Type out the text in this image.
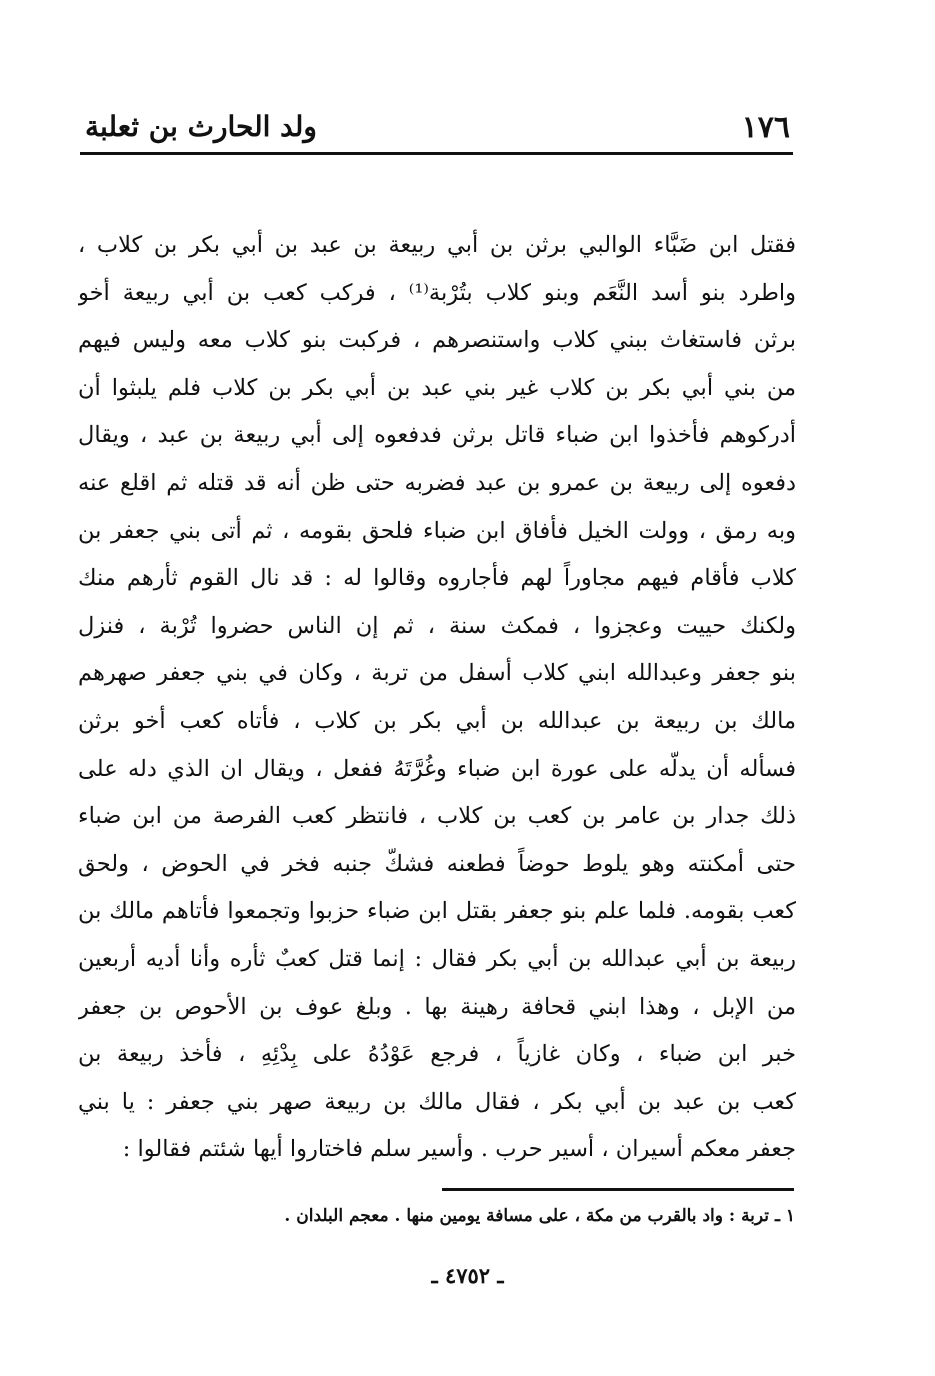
١٧٦
ولد الحارث بن ثعلبة
فقتل ابن ضَبَّاء الوالبي برثن بن أبي ربيعة بن عبد بن أبي بكر بن كلاب ،
واطرد بنو أسد النَّعَم وبنو كلاب بتُرْبة⁽¹⁾ ، فركب كعب بن أبي ربيعة أخو
برثن فاستغاث ببني كلاب واستنصرهم ، فركبت بنو كلاب معه وليس فيهم
من بني أبي بكر بن كلاب غير بني عبد بن أبي بكر بن كلاب فلم يلبثوا أن
أدركوهم فأخذوا ابن ضباء قاتل برثن فدفعوه إلى أبي ربيعة بن عبد ، ويقال
دفعوه إلى ربيعة بن عمرو بن عبد فضربه حتى ظن أنه قد قتله ثم اقلع عنه
وبه رمق ، وولت الخيل فأفاق ابن ضباء فلحق بقومه ، ثم أتى بني جعفر بن
كلاب فأقام فيهم مجاوراً لهم فأجاروه وقالوا له : قد نال القوم ثأرهم منك
ولكنك حييت وعجزوا ، فمكث سنة ، ثم إن الناس حضروا تُرْبة ، فنزل
بنو جعفر وعبدالله ابني كلاب أسفل من تربة ، وكان في بني جعفر صهرهم
مالك بن ربيعة بن عبدالله بن أبي بكر بن كلاب ، فأتاه كعب أخو برثن
فسأله أن يدلّه على عورة ابن ضباء وغُرَّتَهُ ففعل ، ويقال ان الذي دله على
ذلك جدار بن عامر بن كعب بن كلاب ، فانتظر كعب الفرصة من ابن ضباء
حتى أمكنته وهو يلوط حوضاً فطعنه فشكّ جنبه فخر في الحوض ، ولحق
كعب بقومه. فلما علم بنو جعفر بقتل ابن ضباء حزبوا وتجمعوا فأتاهم مالك بن
ربيعة بن أبي عبدالله بن أبي بكر فقال : إنما قتل كعبٌ ثأره وأنا أديه أربعين
من الإبل ، وهذا ابني قحافة رهينة بها . وبلغ عوف بن الأحوص بن جعفر
خبر ابن ضباء ، وكان غازياً ، فرجع عَوْدُهُ على بِدْئِهِ ، فأخذ ربيعة بن
كعب بن عبد بن أبي بكر ، فقال مالك بن ربيعة صهر بني جعفر : يا بني
جعفر معكم أسيران ، أسير حرب . وأسير سلم فاختاروا أيها شئتم فقالوا :
١ ـ تربة : واد بالقرب من مكة ، على مسافة يومين منها . معجم البلدان .
ـ ٤٧٥٢ ـ
